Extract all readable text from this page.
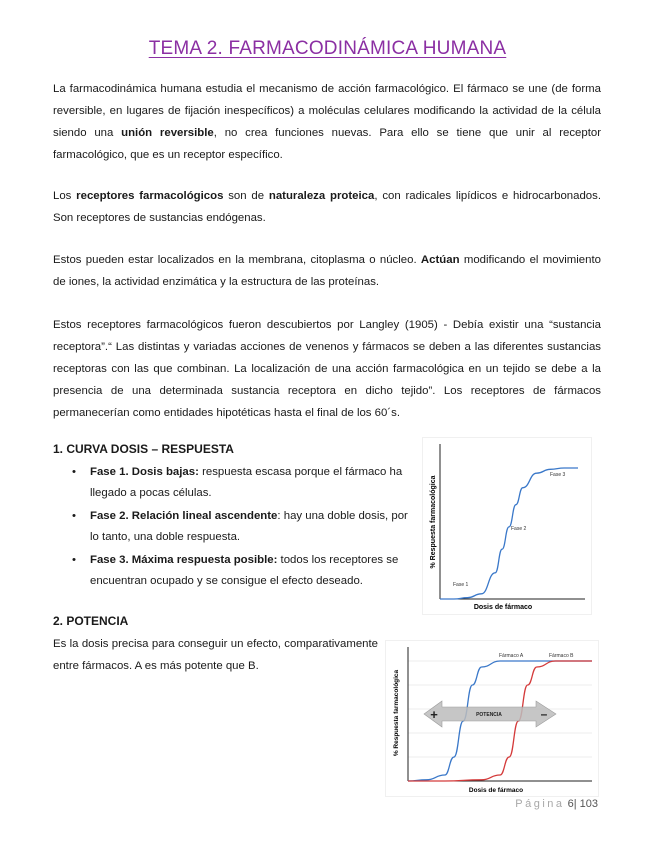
TEMA 2. FARMACODINÁMICA HUMANA

La farmacodinámica humana estudia el mecanismo de acción farmacológico. El fármaco se une (de forma reversible, en lugares de fijación inespecíficos) a moléculas celulares modificando la actividad de la célula siendo una unión reversible, no crea funciones nuevas. Para ello se tiene que unir al receptor farmacológico, que es un receptor específico.

Los receptores farmacológicos son de naturaleza proteica, con radicales lipídicos e hidrocarbonados. Son receptores de sustancias endógenas.

Estos pueden estar localizados en la membrana, citoplasma o núcleo. Actúan modificando el movimiento de iones, la actividad enzimática y la estructura de las proteínas.

Estos receptores farmacológicos fueron descubiertos por Langley (1905) - Debía existir una “sustancia receptora”.“ Las distintas y variadas acciones de venenos y fármacos se deben a las diferentes sustancias receptoras con las que combinan. La localización de una acción farmacológica en un tejido se debe a la presencia de una determinada sustancia receptora en dicho tejido”. Los receptores de fármacos permanecerían como entidades hipotéticas hasta el final de los 60´s.

1. CURVA DOSIS – RESPUESTA
• Fase 1. Dosis bajas: respuesta escasa porque el fármaco ha llegado a pocas células.
• Fase 2. Relación lineal ascendente: hay una doble dosis, por lo tanto, una doble respuesta.
• Fase 3. Máxima respuesta posible: todos los receptores se encuentran ocupado y se consigue el efecto deseado.
% Respuesta farmacológica
Dosis de fármaco
Fase 1
Fase 2
Fase 3
2. POTENCIA

Es la dosis precisa para conseguir un efecto, comparativamente entre fármacos. A es más potente que B.

% Respuesta farmacológica
Dosis de fármaco
Fármaco A	Fármaco B
+	POTENCIA	–
Página 6| 103
